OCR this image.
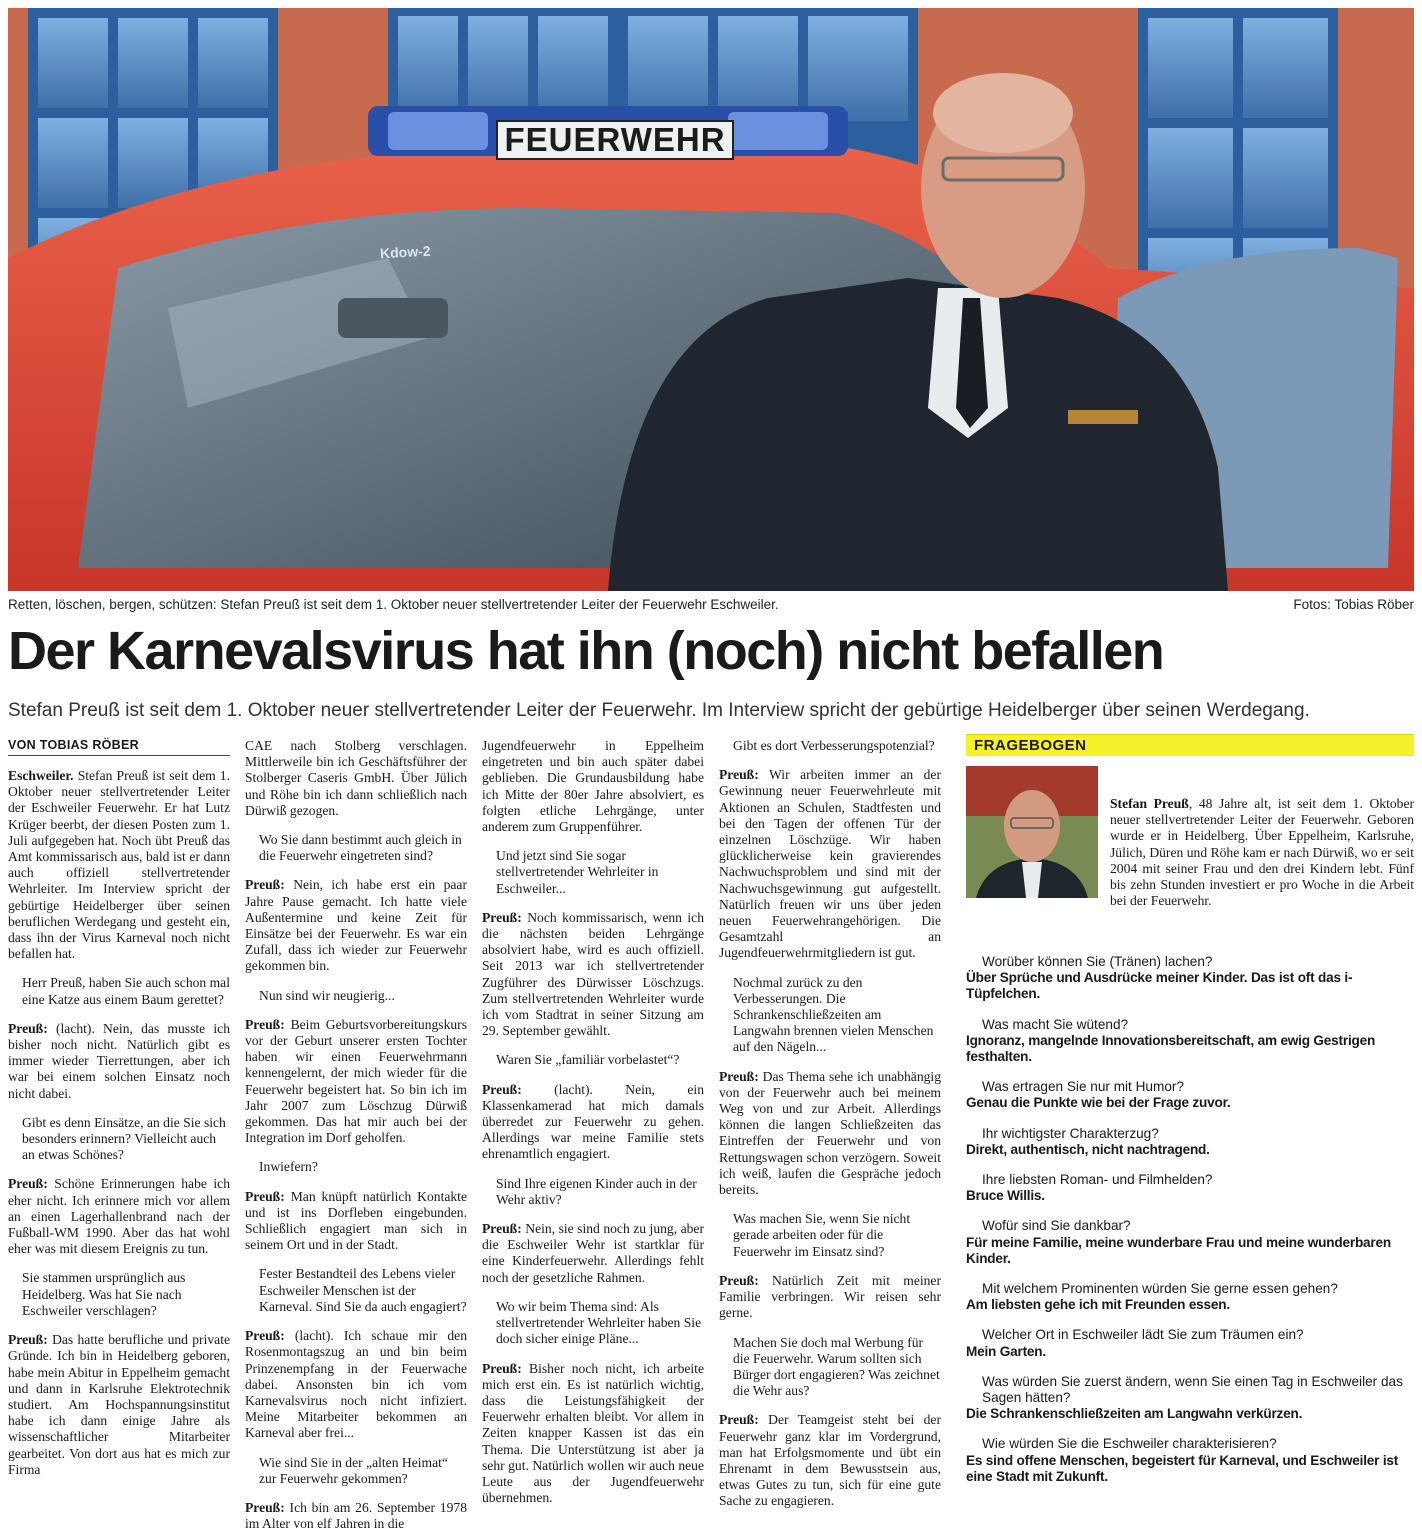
FEUERWEHR
Kdow-2
Retten, löschen, bergen, schützen: Stefan Preuß ist seit dem 1. Oktober neuer stellvertretender Leiter der Feuerwehr Eschweiler.	Fotos: Tobias Röber
Der Karnevalsvirus hat ihn (noch) nicht befallen
Stefan Preuß ist seit dem 1. Oktober neuer stellvertretender Leiter der Feuerwehr. Im Interview spricht der gebürtige Heidelberger über seinen Werdegang.
VON TOBIAS RÖBER

Eschweiler. Stefan Preuß ist seit dem 1. Oktober neuer stellvertretender Leiter der Eschweiler Feuerwehr. Er hat Lutz Krüger beerbt, der diesen Posten zum 1. Juli aufgegeben hat. Noch übt Preuß das Amt kommissarisch aus, bald ist er dann auch offiziell stellvertretender Wehrleiter. Im Interview spricht der gebürtige Heidelberger über seinen beruflichen Werdegang und gesteht ein, dass ihn der Virus Karneval noch nicht befallen hat.

Herr Preuß, haben Sie auch schon mal eine Katze aus einem Baum gerettet?

Preuß: (lacht). Nein, das musste ich bisher noch nicht. Natürlich gibt es immer wieder Tierrettungen, aber ich war bei einem solchen Einsatz noch nicht dabei.

Gibt es denn Einsätze, an die Sie sich besonders erinnern? Vielleicht auch an etwas Schönes?

Preuß: Schöne Erinnerungen habe ich eher nicht. Ich erinnere mich vor allem an einen Lagerhallenbrand nach der Fußball-WM 1990. Aber das hat wohl eher was mit diesem Ereignis zu tun.

Sie stammen ursprünglich aus Heidelberg. Was hat Sie nach Eschweiler verschlagen?

Preuß: Das hatte berufliche und private Gründe. Ich bin in Heidelberg geboren, habe mein Abitur in Eppelheim gemacht und dann in Karlsruhe Elektrotechnik studiert. Am Hochspannungsinstitut habe ich dann einige Jahre als wissenschaftlicher Mitarbeiter gearbeitet. Von dort aus hat es mich zur Firma

CAE nach Stolberg verschlagen. Mittlerweile bin ich Geschäftsführer der Stolberger Caseris GmbH. Über Jülich und Röhe bin ich dann schließlich nach Dürwiß gezogen.

Wo Sie dann bestimmt auch gleich in die Feuerwehr eingetreten sind?

Preuß: Nein, ich habe erst ein paar Jahre Pause gemacht. Ich hatte viele Außentermine und keine Zeit für Einsätze bei der Feuerwehr. Es war ein Zufall, dass ich wieder zur Feuerwehr gekommen bin.

Nun sind wir neugierig...

Preuß: Beim Geburtsvorbereitungskurs vor der Geburt unserer ersten Tochter haben wir einen Feuerwehrmann kennengelernt, der mich wieder für die Feuerwehr begeistert hat. So bin ich im Jahr 2007 zum Löschzug Dürwiß gekommen. Das hat mir auch bei der Integration im Dorf geholfen.

Inwiefern?

Preuß: Man knüpft natürlich Kontakte und ist ins Dorfleben eingebunden. Schließlich engagiert man sich in seinem Ort und in der Stadt.

Fester Bestandteil des Lebens vieler Eschweiler Menschen ist der Karneval. Sind Sie da auch engagiert?

Preuß: (lacht). Ich schaue mir den Rosenmontagszug an und bin beim Prinzenempfang in der Feuerwache dabei. Ansonsten bin ich vom Karnevalsvirus noch nicht infiziert. Meine Mitarbeiter bekommen an Karneval aber frei...

Wie sind Sie in der „alten Heimat“ zur Feuerwehr gekommen?

Preuß: Ich bin am 26. September 1978 im Alter von elf Jahren in die

Jugendfeuerwehr in Eppelheim eingetreten und bin auch später dabei geblieben. Die Grundausbildung habe ich Mitte der 80er Jahre absolviert, es folgten etliche Lehrgänge, unter anderem zum Gruppenführer.

Und jetzt sind Sie sogar stellvertretender Wehrleiter in Eschweiler...

Preuß: Noch kommissarisch, wenn ich die nächsten beiden Lehrgänge absolviert habe, wird es auch offiziell. Seit 2013 war ich stellvertretender Zugführer des Dürwisser Löschzugs. Zum stellvertretenden Wehrleiter wurde ich vom Stadtrat in seiner Sitzung am 29. September gewählt.

Waren Sie „familiär vorbelastet“?

Preuß: (lacht). Nein, ein Klassenkamerad hat mich damals überredet zur Feuerwehr zu gehen. Allerdings war meine Familie stets ehrenamtlich engagiert.

Sind Ihre eigenen Kinder auch in der Wehr aktiv?

Preuß: Nein, sie sind noch zu jung, aber die Eschweiler Wehr ist startklar für eine Kinderfeuerwehr. Allerdings fehlt noch der gesetzliche Rahmen.

Wo wir beim Thema sind: Als stellvertretender Wehrleiter haben Sie doch sicher einige Pläne...

Preuß: Bisher noch nicht, ich arbeite mich erst ein. Es ist natürlich wichtig, dass die Leistungsfähigkeit der Feuerwehr erhalten bleibt. Vor allem in Zeiten knapper Kassen ist das ein Thema. Die Unterstützung ist aber ja sehr gut. Natürlich wollen wir auch neue Leute aus der Jugendfeuerwehr übernehmen.

Gibt es dort Verbesserungspotenzial?

Preuß: Wir arbeiten immer an der Gewinnung neuer Feuerwehrleute mit Aktionen an Schulen, Stadtfesten und bei den Tagen der offenen Tür der einzelnen Löschzüge. Wir haben glücklicherweise kein gravierendes Nachwuchsproblem und sind mit der Nachwuchsgewinnung gut aufgestellt. Natürlich freuen wir uns über jeden neuen Feuerwehrangehörigen. Die Gesamtzahl an Jugendfeuerwehrmitgliedern ist gut.

Nochmal zurück zu den Verbesserungen. Die Schrankenschließzeiten am Langwahn brennen vielen Menschen auf den Nägeln...

Preuß: Das Thema sehe ich unabhängig von der Feuerwehr auch bei meinem Weg von und zur Arbeit. Allerdings können die langen Schließzeiten das Eintreffen der Feuerwehr und von Rettungswagen schon verzögern. Soweit ich weiß, laufen die Gespräche jedoch bereits.

Was machen Sie, wenn Sie nicht gerade arbeiten oder für die Feuerwehr im Einsatz sind?

Preuß: Natürlich Zeit mit meiner Familie verbringen. Wir reisen sehr gerne.

Machen Sie doch mal Werbung für die Feuerwehr. Warum sollten sich Bürger dort engagieren? Was zeichnet die Wehr aus?

Preuß: Der Teamgeist steht bei der Feuerwehr ganz klar im Vordergrund, man hat Erfolgsmomente und übt ein Ehrenamt in dem Bewusstsein aus, etwas Gutes zu tun, sich für eine gute Sache zu engagieren.

FRAGEBOGEN
Stefan Preuß, 48 Jahre alt, ist seit dem 1. Oktober neuer stellvertretender Leiter der Feuerwehr. Geboren wurde er in Heidelberg. Über Eppelheim, Karlsruhe, Jülich, Düren und Röhe kam er nach Dürwiß, wo er seit 2004 mit seiner Frau und den drei Kindern lebt. Fünf bis zehn Stunden investiert er pro Woche in die Arbeit bei der Feuerwehr.
Worüber können Sie (Tränen) lachen?
Über Sprüche und Ausdrücke meiner Kinder. Das ist oft das i-Tüpfelchen.
Was macht Sie wütend?
Ignoranz, mangelnde Innovationsbereitschaft, am ewig Gestrigen festhalten.
Was ertragen Sie nur mit Humor?
Genau die Punkte wie bei der Frage zuvor.
Ihr wichtigster Charakterzug?
Direkt, authentisch, nicht nachtragend.
Ihre liebsten Roman- und Filmhelden?
Bruce Willis.
Wofür sind Sie dankbar?
Für meine Familie, meine wunderbare Frau und meine wunderbaren Kinder.
Mit welchem Prominenten würden Sie gerne essen gehen?
Am liebsten gehe ich mit Freunden essen.
Welcher Ort in Eschweiler lädt Sie zum Träumen ein?
Mein Garten.
Was würden Sie zuerst ändern, wenn Sie einen Tag in Eschweiler das Sagen hätten?
Die Schrankenschließzeiten am Langwahn verkürzen.
Wie würden Sie die Eschweiler charakterisieren?
Es sind offene Menschen, begeistert für Karneval, und Eschweiler ist eine Stadt mit Zukunft.
